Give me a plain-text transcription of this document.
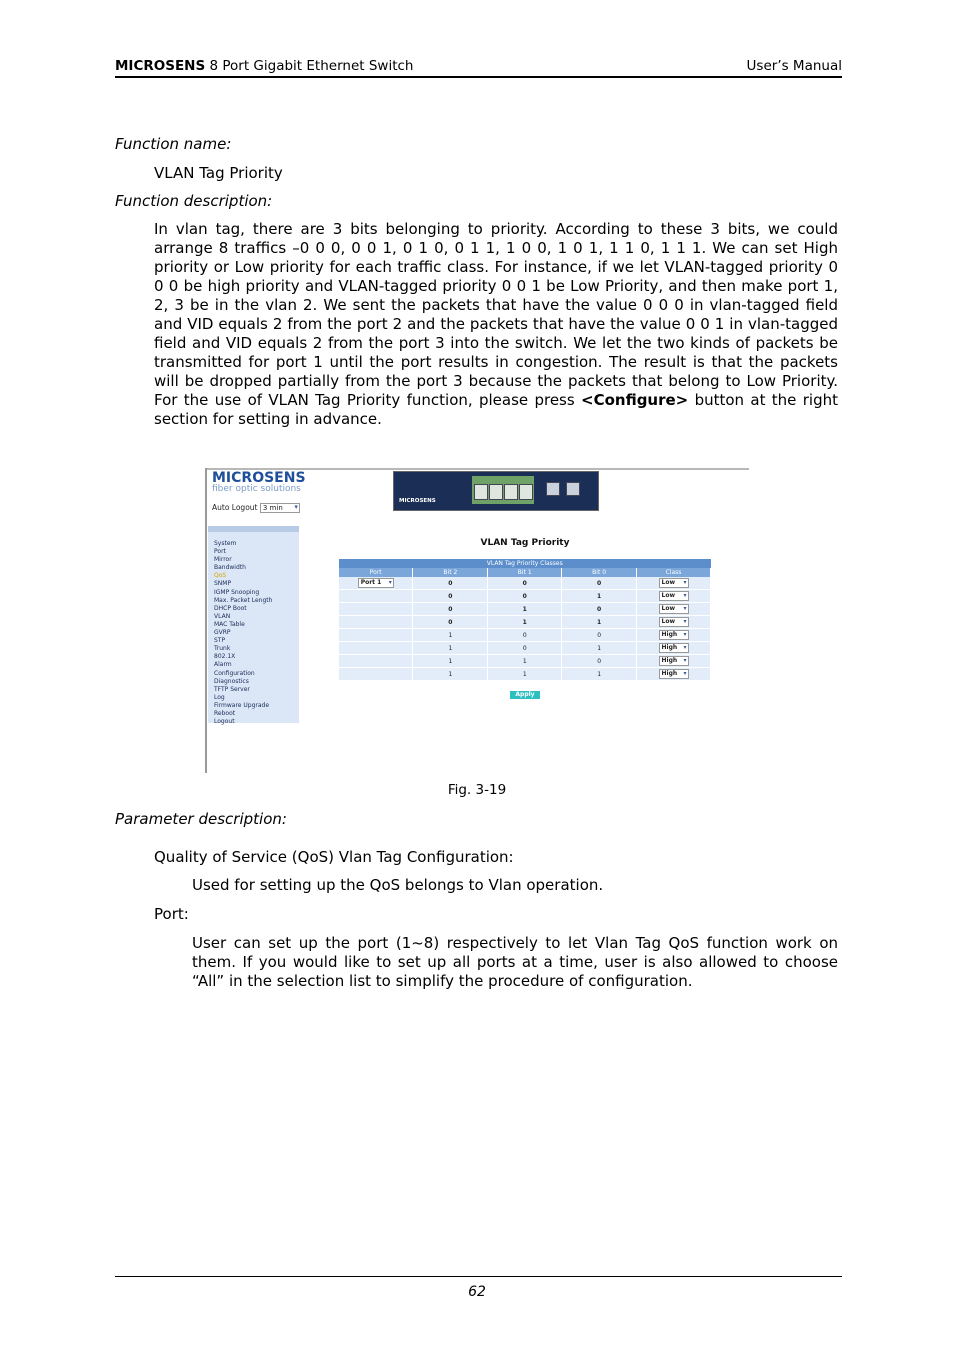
MICROSENS 8 Port Gigabit Ethernet Switch	User’s Manual
Function name:
VLAN Tag Priority
Function description:
In vlan tag, there are 3 bits belonging to priority. According to these 3 bits, we could arrange 8 traffics –0 0 0, 0 0 1, 0 1 0, 0 1 1, 1 0 0, 1 0 1, 1 1 0, 1 1 1. We can set High priority or Low priority for each traffic class. For instance, if we let VLAN-tagged priority 0 0 0 be high priority and VLAN-tagged priority 0 0 1 be Low Priority, and then make port 1, 2, 3 be in the vlan 2. We sent the packets that have the value 0 0 0 in vlan-tagged field and VID equals 2 from the port 2 and the packets that have the value 0 0 1 in vlan-tagged field and VID equals 2 from the port 3 into the switch. We let the two kinds of packets be transmitted for port 1 until the port results in congestion. The result is that the packets will be dropped partially from the port 3 because the packets that belong to Low Priority. For the use of VLAN Tag Priority function, please press <Configure> button at the right section for setting in advance.
MICROSENS
fiber optic solutions
Auto Logout 3 min ▾
MICROSENS
System
Port
Mirror
Bandwidth
QoS
SNMP
IGMP Snooping
Max. Packet Length
DHCP Boot
VLAN
MAC Table
GVRP
STP
Trunk
802.1X
Alarm
Configuration
Diagnostics
TFTP Server
Log
Firmware Upgrade
Reboot
Logout
VLAN Tag Priority
VLAN Tag Priority Classes				
Port	Bit 2	Bit 1	Bit 0	Class
Port 1 ▾	0	0	0	Low ▾
	0	0	1	Low ▾
	0	1	0	Low ▾
	0	1	1	Low ▾
	1	0	0	High ▾
	1	0	1	High ▾
	1	1	0	High ▾
	1	1	1	High ▾
Apply
Fig. 3-19
Parameter description:
Quality of Service (QoS) Vlan Tag Configuration:
Used for setting up the QoS belongs to Vlan operation.
Port:
User can set up the port (1~8) respectively to let Vlan Tag QoS function work on them. If you would like to set up all ports at a time, user is also allowed to choose “All” in the selection list to simplify the procedure of configuration.
62
